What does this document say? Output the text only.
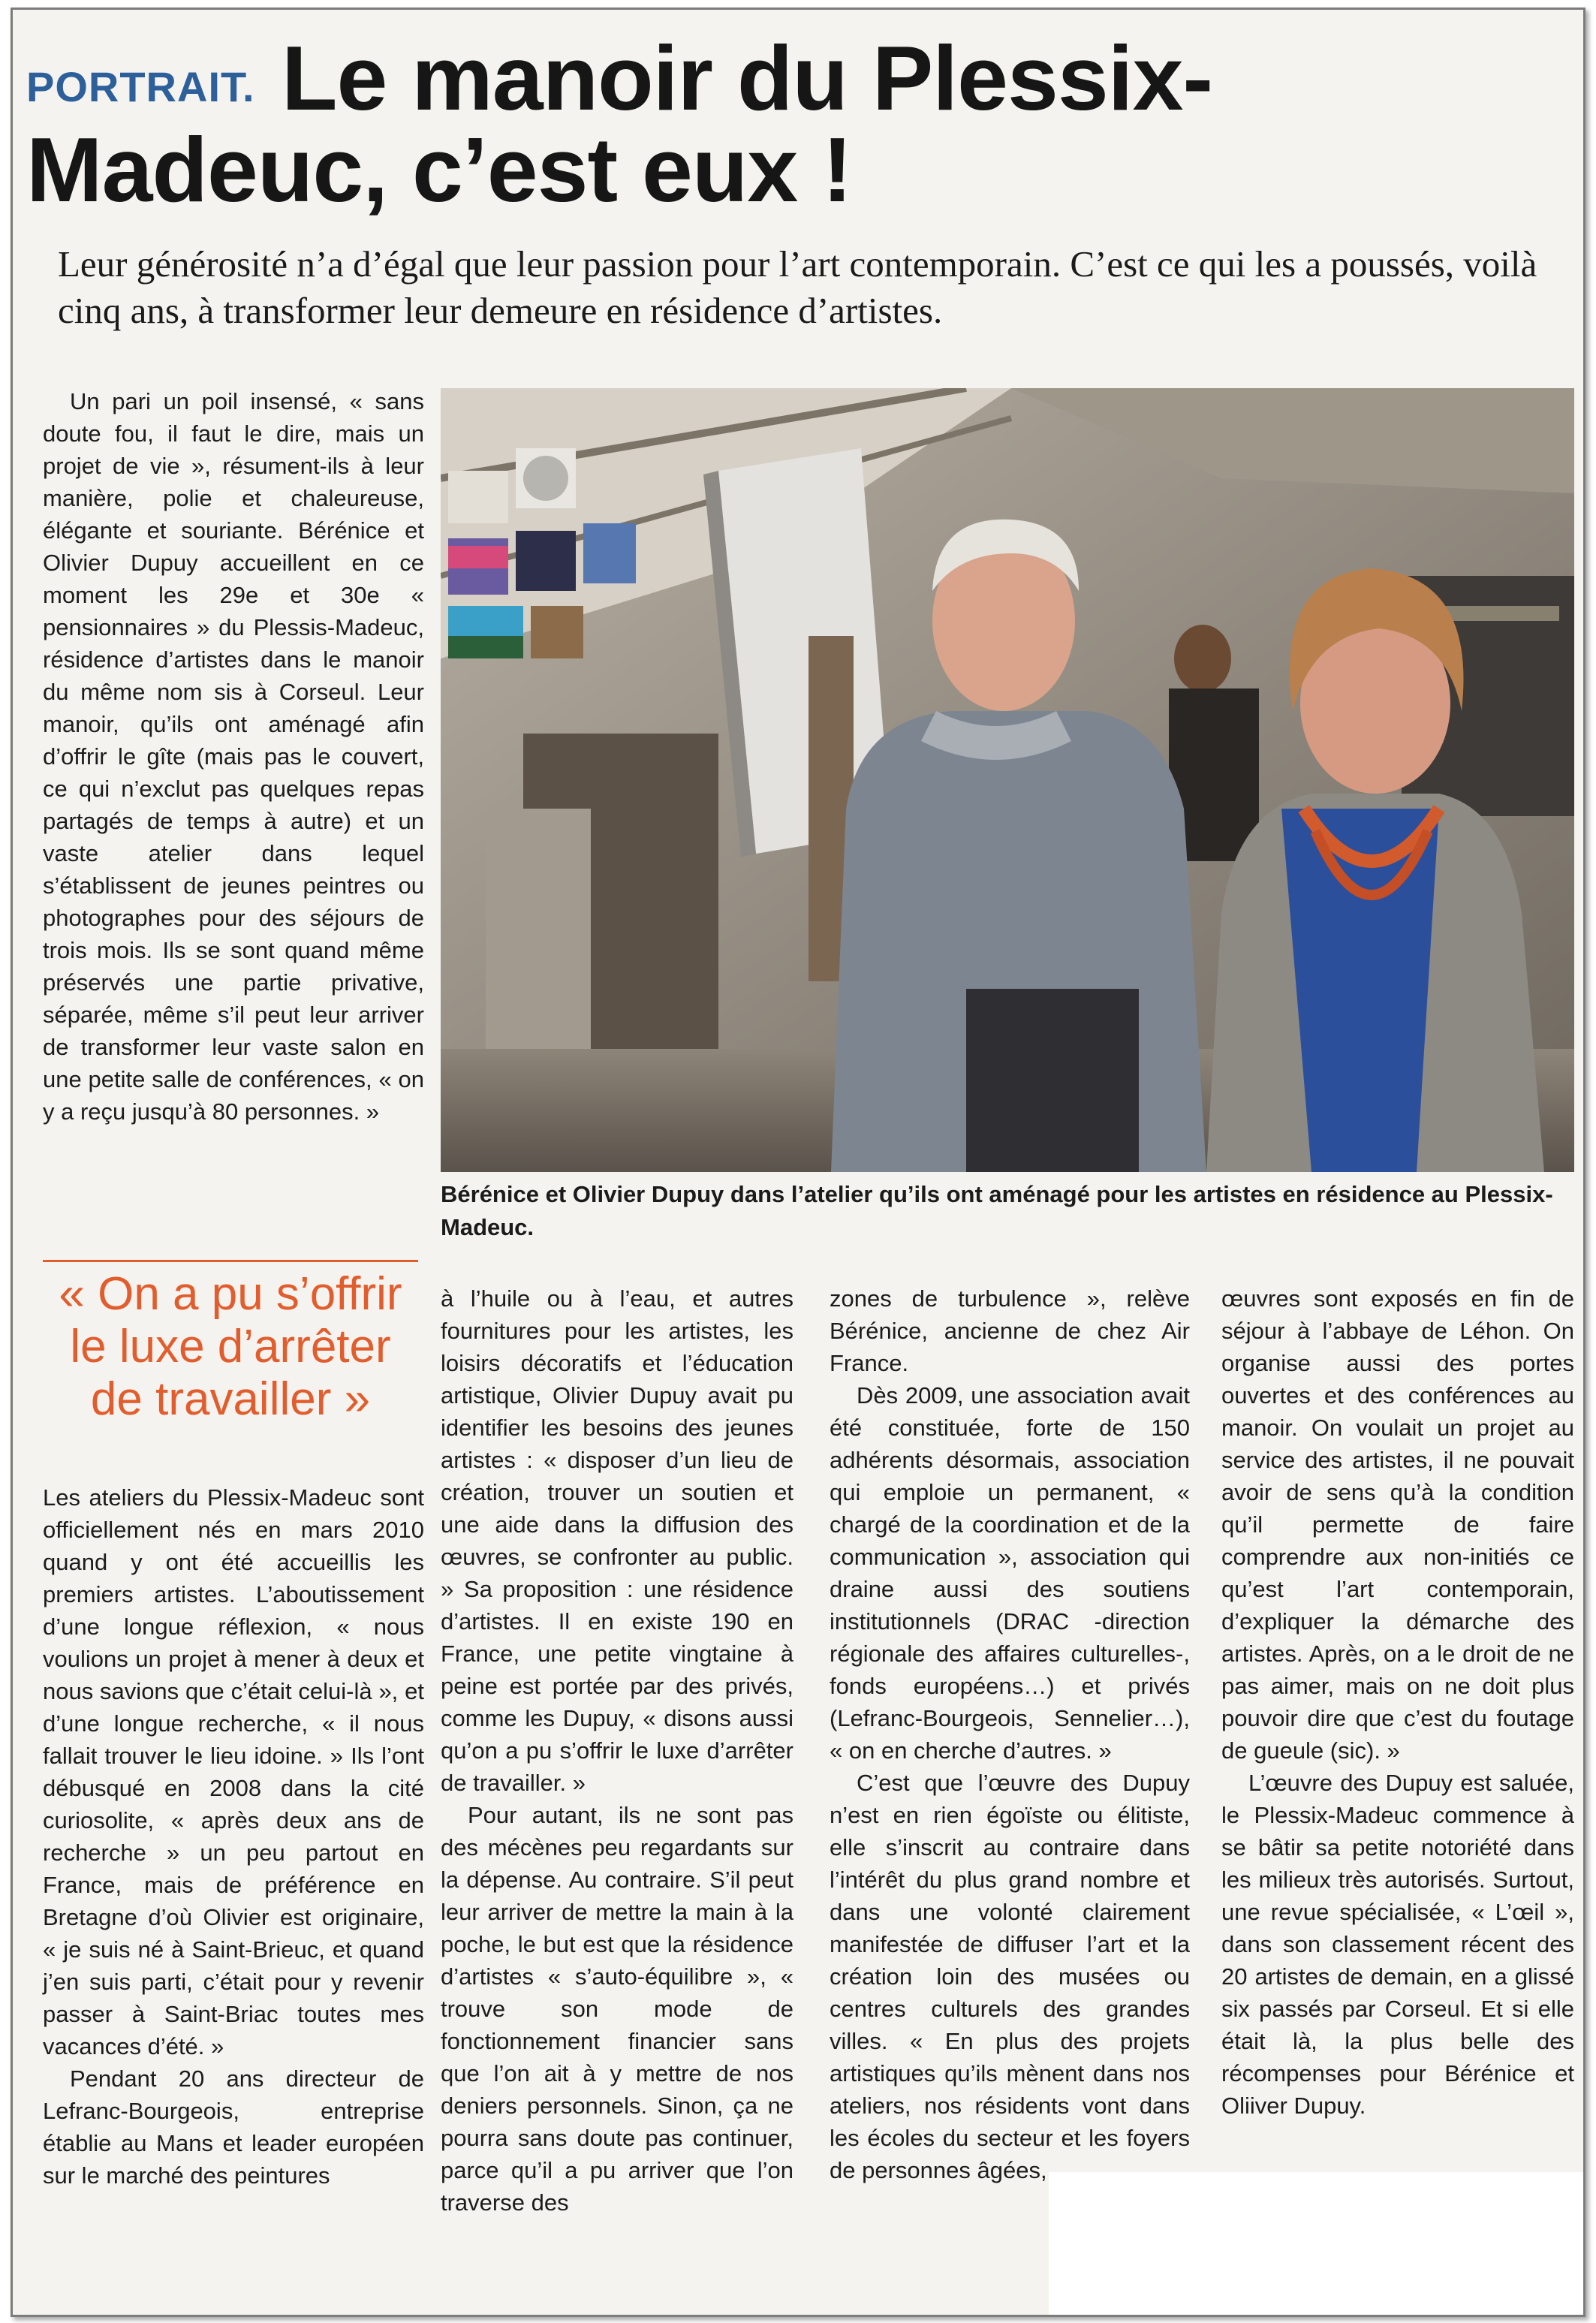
PORTRAIT. Le manoir du Plessix-Madeuc, c’est eux !
Leur générosité n’a d’égal que leur passion pour l’art contemporain. C’est ce qui les a poussés, voilà cinq ans, à transformer leur demeure en résidence d’artistes.

Un pari un poil insensé, « sans doute fou, il faut le dire, mais un projet de vie », résument-ils à leur manière, polie et chaleureuse, élégante et souriante. Bérénice et Olivier Dupuy accueillent en ce moment les 29e et 30e « pensionnaires » du Plessis-Madeuc, résidence d’artistes dans le manoir du même nom sis à Corseul. Leur manoir, qu’ils ont aménagé afin d’offrir le gîte (mais pas le couvert, ce qui n’exclut pas quelques repas partagés de temps à autre) et un vaste atelier dans lequel s’établissent de jeunes peintres ou photographes pour des séjours de trois mois. Ils se sont quand même préservés une partie privative, séparée, même s’il peut leur arriver de transformer leur vaste salon en une petite salle de conférences, « on y a reçu jusqu’à 80 personnes. »

« On a pu s’offrir le luxe d’arrêter de travailler »

Les ateliers du Plessix-Madeuc sont officiellement nés en mars 2010 quand y ont été accueillis les premiers artistes. L’aboutissement d’une longue réflexion, « nous voulions un projet à mener à deux et nous savions que c’était celui-là », et d’une longue recherche, « il nous fallait trouver le lieu idoine. » Ils l’ont débusqué en 2008 dans la cité curiosolite, « après deux ans de recherche » un peu partout en France, mais de préférence en Bretagne d’où Olivier est originaire, « je suis né à Saint-Brieuc, et quand j’en suis parti, c’était pour y revenir passer à Saint-Briac toutes mes vacances d’été. »

Pendant 20 ans directeur de Lefranc-Bourgeois, entreprise établie au Mans et leader européen sur le marché des peintures

Bérénice et Olivier Dupuy dans l’atelier qu’ils ont aménagé pour les artistes en résidence au Plessix-Madeuc.

à l’huile ou à l’eau, et autres fournitures pour les artistes, les loisirs décoratifs et l’éducation artistique, Olivier Dupuy avait pu identifier les besoins des jeunes artistes : « disposer d’un lieu de création, trouver un soutien et une aide dans la diffusion des œuvres, se confronter au public. » Sa proposition : une résidence d’artistes. Il en existe 190 en France, une petite vingtaine à peine est portée par des privés, comme les Dupuy, « disons aussi qu’on a pu s’offrir le luxe d’arrêter de travailler. »

Pour autant, ils ne sont pas des mécènes peu regardants sur la dépense. Au contraire. S’il peut leur arriver de mettre la main à la poche, le but est que la résidence d’artistes « s’auto-équilibre », « trouve son mode de fonctionnement financier sans que l’on ait à y mettre de nos deniers personnels. Sinon, ça ne pourra sans doute pas continuer, parce qu’il a pu arriver que l’on traverse des

zones de turbulence », relève Bérénice, ancienne de chez Air France.

Dès 2009, une association avait été constituée, forte de 150 adhérents désormais, association qui emploie un permanent, « chargé de la coordination et de la communication », association qui draine aussi des soutiens institutionnels (DRAC -direction régionale des affaires culturelles-, fonds européens…) et privés (Lefranc-Bourgeois, Sennelier…), « on en cherche d’autres. »

C’est que l’œuvre des Dupuy n’est en rien égoïste ou élitiste, elle s’inscrit au contraire dans l’intérêt du plus grand nombre et dans une volonté clairement manifestée de diffuser l’art et la création loin des musées ou centres culturels des grandes villes. « En plus des projets artistiques qu’ils mènent dans nos ateliers, nos résidents vont dans les écoles du secteur et les foyers de personnes âgées,

œuvres sont exposés en fin de séjour à l’abbaye de Léhon. On organise aussi des portes ouvertes et des conférences au manoir. On voulait un projet au service des artistes, il ne pouvait avoir de sens qu’à la condition qu’il permette de faire comprendre aux non-initiés ce qu’est l’art contemporain, d’expliquer la démarche des artistes. Après, on a le droit de ne pas aimer, mais on ne doit plus pouvoir dire que c’est du foutage de gueule (sic). »

L’œuvre des Dupuy est saluée, le Plessix-Madeuc commence à se bâtir sa petite notoriété dans les milieux très autorisés. Surtout, une revue spécialisée, « L’œil », dans son classement récent des 20 artistes de demain, en a glissé six passés par Corseul. Et si elle était là, la plus belle des récompenses pour Bérénice et Oliiver Dupuy.
